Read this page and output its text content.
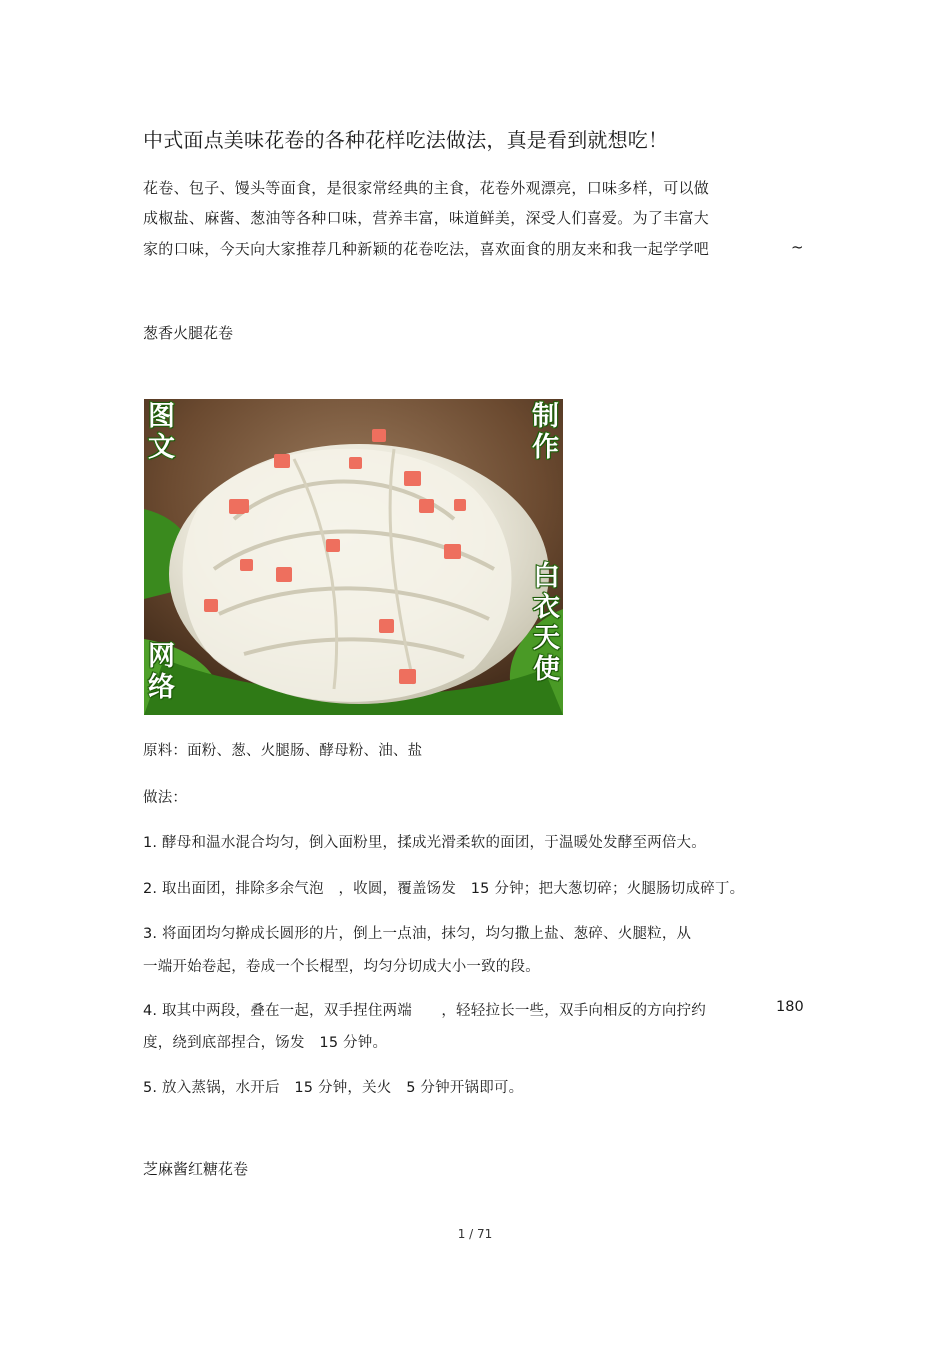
中式面点美味花卷的各种花样吃法做法，真是看到就想吃！
花卷、包子、馒头等面食，是很家常经典的主食，花卷外观漂亮，口味多样，可以做
成椒盐、麻酱、葱油等各种口味，营养丰富，味道鲜美，深受人们喜爱。为了丰富大
家的口味，今天向大家推荐几种新颖的花卷吃法，喜欢面食的朋友来和我一起学学吧	~
葱香火腿花卷
图
文
网
络
制
作
白
衣
天
使
原料：面粉、葱、火腿肠、酵母粉、油、盐
做法：
1. 酵母和温水混合均匀，倒入面粉里，揉成光滑柔软的面团，于温暖处发酵至两倍大。
2. 取出面团，排除多余气泡　，收圆，覆盖饧发　15 分钟；把大葱切碎；火腿肠切成碎丁。
3. 将面团均匀擀成长圆形的片，倒上一点油，抹匀，均匀撒上盐、葱碎、火腿粒，从
一端开始卷起，卷成一个长棍型，均匀分切成大小一致的段。
4. 取其中两段，叠在一起，双手捏住两端　　，轻轻拉长一些，双手向相反的方向拧约	180
度，绕到底部捏合，饧发　15 分钟。
5. 放入蒸锅，水开后　15 分钟，关火　5 分钟开锅即可。
芝麻酱红糖花卷
1 / 71
